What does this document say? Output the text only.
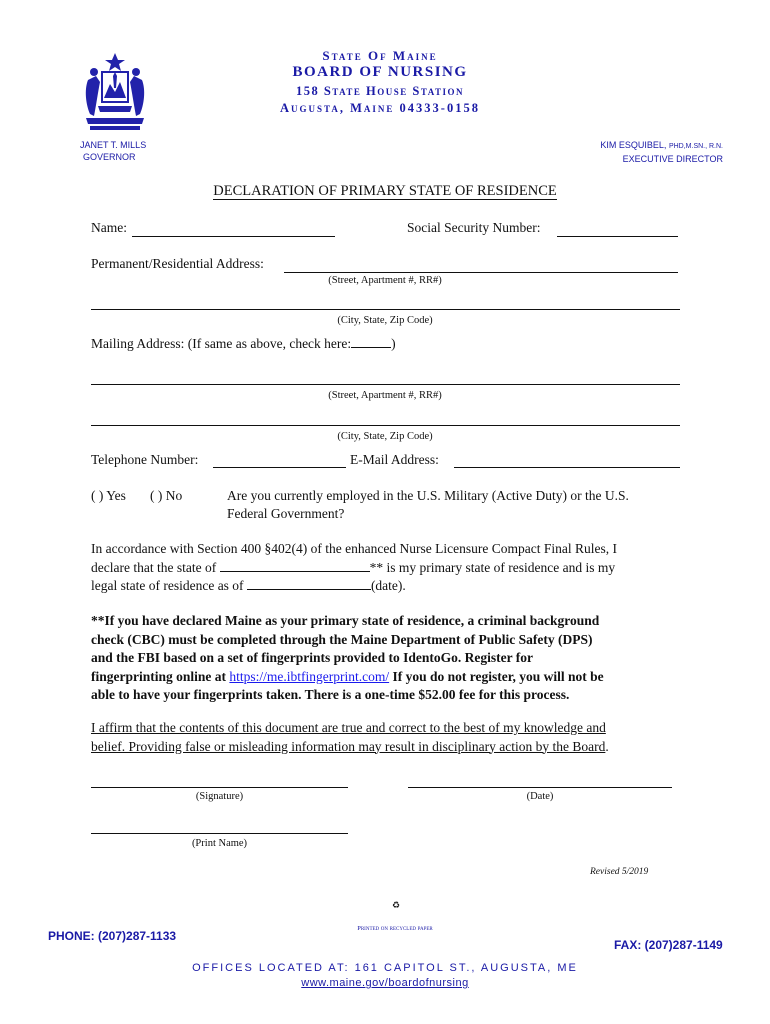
State Of Maine
BOARD OF NURSING
158 State House Station
Augusta, Maine 04333-0158
JANET T. MILLS
GOVERNOR
KIM ESQUIBEL, PHD,M.SN., R.N.
EXECUTIVE DIRECTOR
DECLARATION OF PRIMARY STATE OF RESIDENCE
Name:	Social Security Number:
Permanent/Residential Address:
(Street, Apartment #, RR#)
(City, State, Zip Code)
Mailing Address: (If same as above, check here:	)
(Street, Apartment #, RR#)
(City, State, Zip Code)
Telephone Number:	E-Mail Address:
( ) Yes ( ) No	Are you currently employed in the U.S. Military (Active Duty) or the U.S.
Federal Government?
In accordance with Section 400 §402(4) of the enhanced Nurse Licensure Compact Final Rules, I
declare that the state of	** is my primary state of residence and is my
legal state of residence as of	(date).
**If you have declared Maine as your primary state of residence, a criminal background
check (CBC) must be completed through the Maine Department of Public Safety (DPS)
and the FBI based on a set of fingerprints provided to IdentoGo. Register for
fingerprinting online at https://me.ibtfingerprint.com/ If you do not register, you will not be
able to have your fingerprints taken. There is a one-time $52.00 fee for this process.
I affirm that the contents of this document are true and correct to the best of my knowledge and
belief. Providing false or misleading information may result in disciplinary action by the Board.
(Signature)	(Date)
(Print Name)
Revised 5/2019
♻
Printed on recycled paper
PHONE: (207)287-1133
FAX: (207)287-1149
OFFICES LOCATED AT: 161 CAPITOL ST., AUGUSTA, ME
www.maine.gov/boardofnursing
